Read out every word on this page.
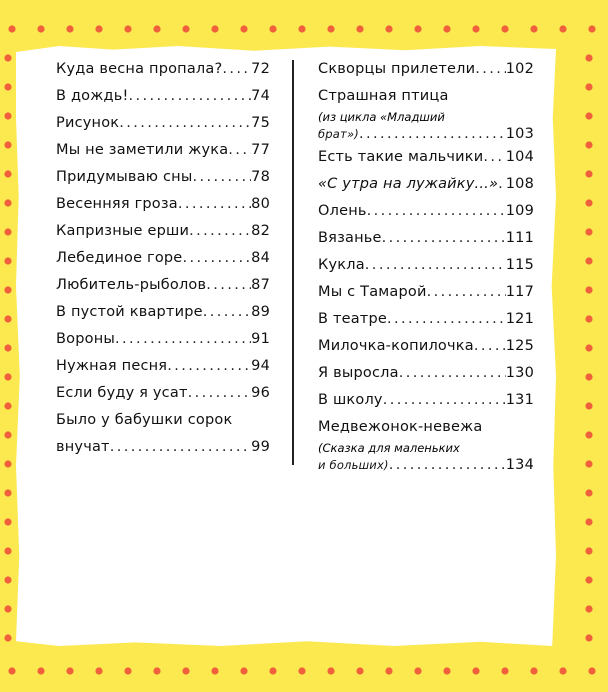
Куда весна пропала? ..... 72
В дождь! .....	74
Рисунок .....	75
Мы не заметили жука ..... 77
Придумываю сны .....	78
Весенняя гроза .....	80
Капризные ерши .....	82
Лебединое горе .....	84
Любитель-рыболов .....	87
В пустой квартире .....	89
Вороны .....	91
Нужная песня .....	94
Если буду я усат .....	96
Было у бабушки сорок
внучат .....	99
Скворцы прилетели ..... 102
Страшная птица
(из цикла «Младший
брат») .....	103
Есть такие мальчики ..... 104
«С утра на лужайку...» ..... 108
Олень .....	109
Вязанье .....	111
Кукла .....	115
Мы с Тамарой .....	117
В театре .....	121
Милочка-копилочка ..... 125
Я выросла .....	130
В школу .....	131
Медвежонок-невежа
(Сказка для маленьких
и больших) .....	134
